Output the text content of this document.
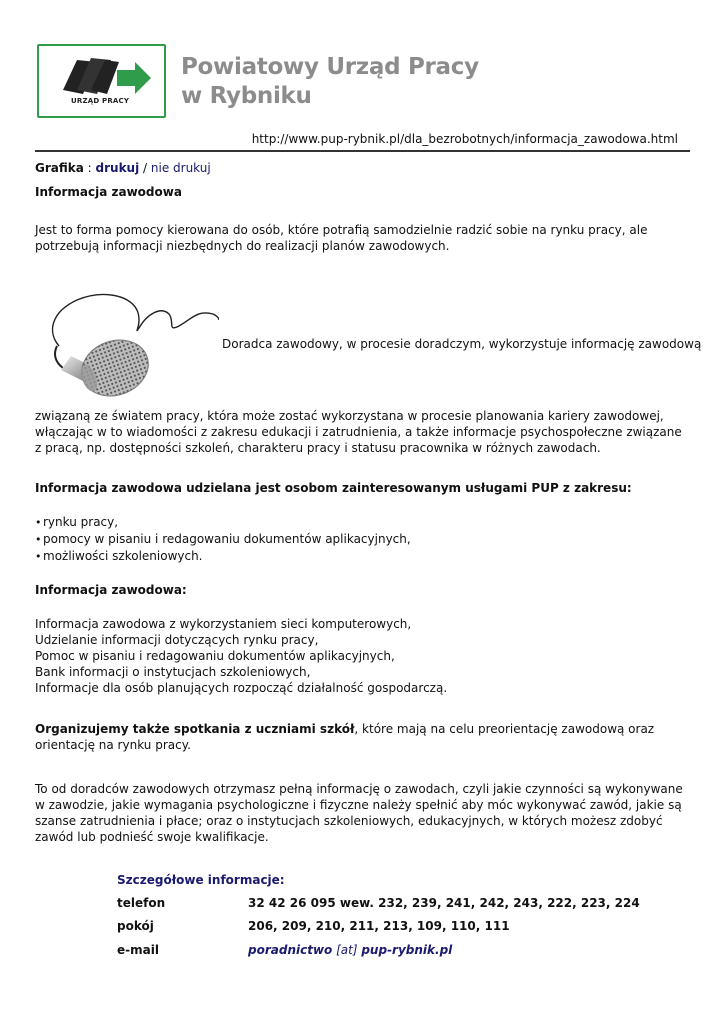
URZĄD PRACY
Powiatowy Urząd Pracy
w Rybniku
http://www.pup-rybnik.pl/dla_bezrobotnych/informacja_zawodowa.html
Grafika : drukuj / nie drukuj
Informacja zawodowa
Jest to forma pomocy kierowana do osób, które potrafią samodzielnie radzić sobie na rynku pracy, ale potrzebują informacji niezbędnych do realizacji planów zawodowych.
Doradca zawodowy, w procesie doradczym, wykorzystuje informację zawodową
związaną ze światem pracy, która może zostać wykorzystana w procesie planowania kariery zawodowej, włączając w to wiadomości z zakresu edukacji i zatrudnienia, a także informacje psychospołeczne związane z pracą, np. dostępności szkoleń, charakteru pracy i statusu pracownika w różnych zawodach.
Informacja zawodowa udzielana jest osobom zainteresowanym usługami PUP z zakresu:
• rynku pracy,
• pomocy w pisaniu i redagowaniu dokumentów aplikacyjnych,
• możliwości szkoleniowych.
Informacja zawodowa:
Informacja zawodowa z wykorzystaniem sieci komputerowych,
Udzielanie informacji dotyczących rynku pracy,
Pomoc w pisaniu i redagowaniu dokumentów aplikacyjnych,
Bank informacji o instytucjach szkoleniowych,
Informacje dla osób planujących rozpocząć działalność gospodarczą.
Organizujemy także spotkania z uczniami szkół, które mają na celu preorientację zawodową oraz orientację na rynku pracy.
To od doradców zawodowych otrzymasz pełną informację o zawodach, czyli jakie czynności są wykonywane w zawodzie, jakie wymagania psychologiczne i fizyczne należy spełnić aby móc wykonywać zawód, jakie są szanse zatrudnienia i płace; oraz o instytucjach szkoleniowych, edukacyjnych, w których możesz zdobyć zawód lub podnieść swoje kwalifikacje.
Szczegółowe informacje:
telefon	32 42 26 095 wew. 232, 239, 241, 242, 243, 222, 223, 224
pokój	206, 209, 210, 211, 213, 109, 110, 111
e-mail	poradnictwo [at] pup-rybnik.pl
